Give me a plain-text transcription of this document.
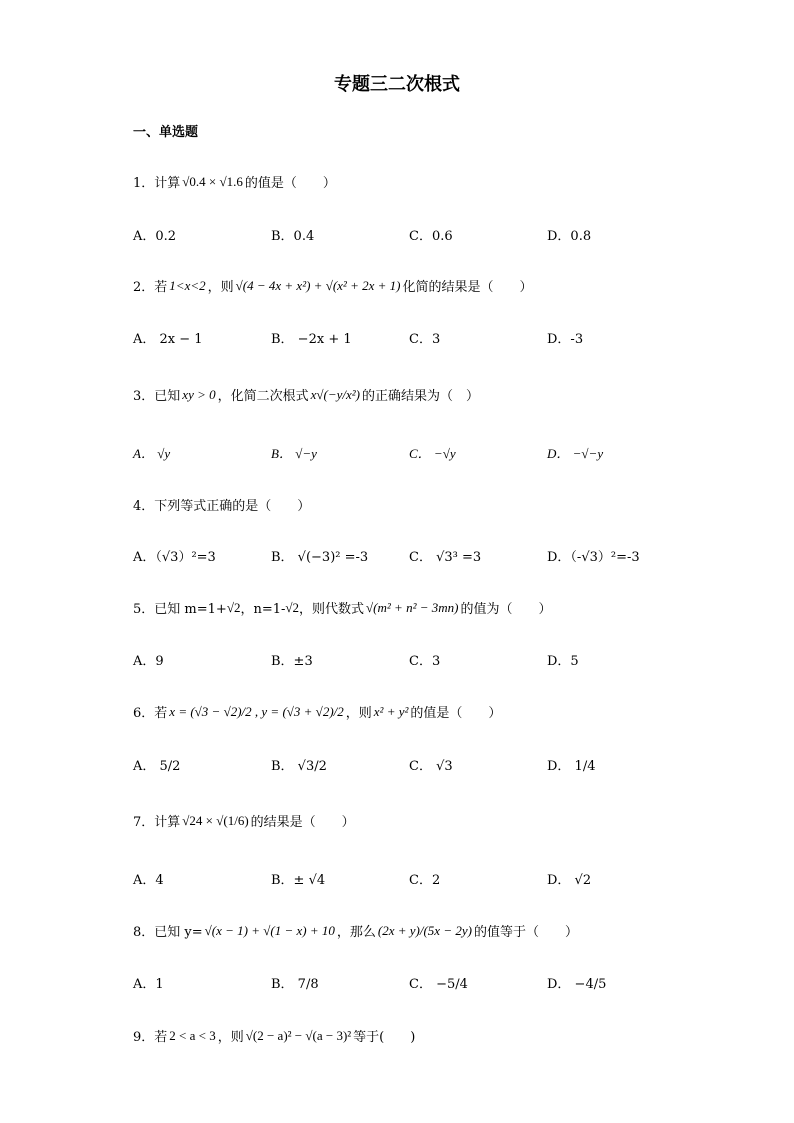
专题三二次根式
一、单选题
1． 计算 √0.4 × √1.6 的值是（　　）
A．0.2	B．0.4	C．0.6	D．0.8
2． 若 1<x<2 ，则 √(4 − 4x + x²) + √(x² + 2x + 1) 化简的结果是（　　）
A． 2x − 1	B． −2x + 1	C．3	D．-3
3． 已知 xy > 0 ，化简二次根式 x√(−y/x²) 的正确结果为（　）
A． √y	B． √−y	C． −√y	D． −√−y
4． 下列等式正确的是（　　）
A．（√3）²=3	B． √(−3)² =-3	C． √3³ =3	D．（-√3）²=-3
5． 已知 m=1+ √2 ，n=1- √2 ，则代数式 √(m² + n² − 3mn) 的值为（　　）
A．9	B．±3	C．3	D．5
6． 若 x = (√3 − √2)/2 , y = (√3 + √2)/2 ，则 x² + y² 的值是（　　）
A． 5/2	B． √3/2	C． √3	D． 1/4
7． 计算 √24 × √(1/6) 的结果是（　　）
A．4	B．± √4	C．2	D． √2
8． 已知 y= √(x − 1) + √(1 − x) + 10 ，那么 (2x + y)/(5x − 2y) 的值等于（　　）
A．1	B． 7/8	C． −5/4	D． −4/5
9． 若 2 < a < 3 ，则 √(2 − a)² − √(a − 3)² 等于(　　)
